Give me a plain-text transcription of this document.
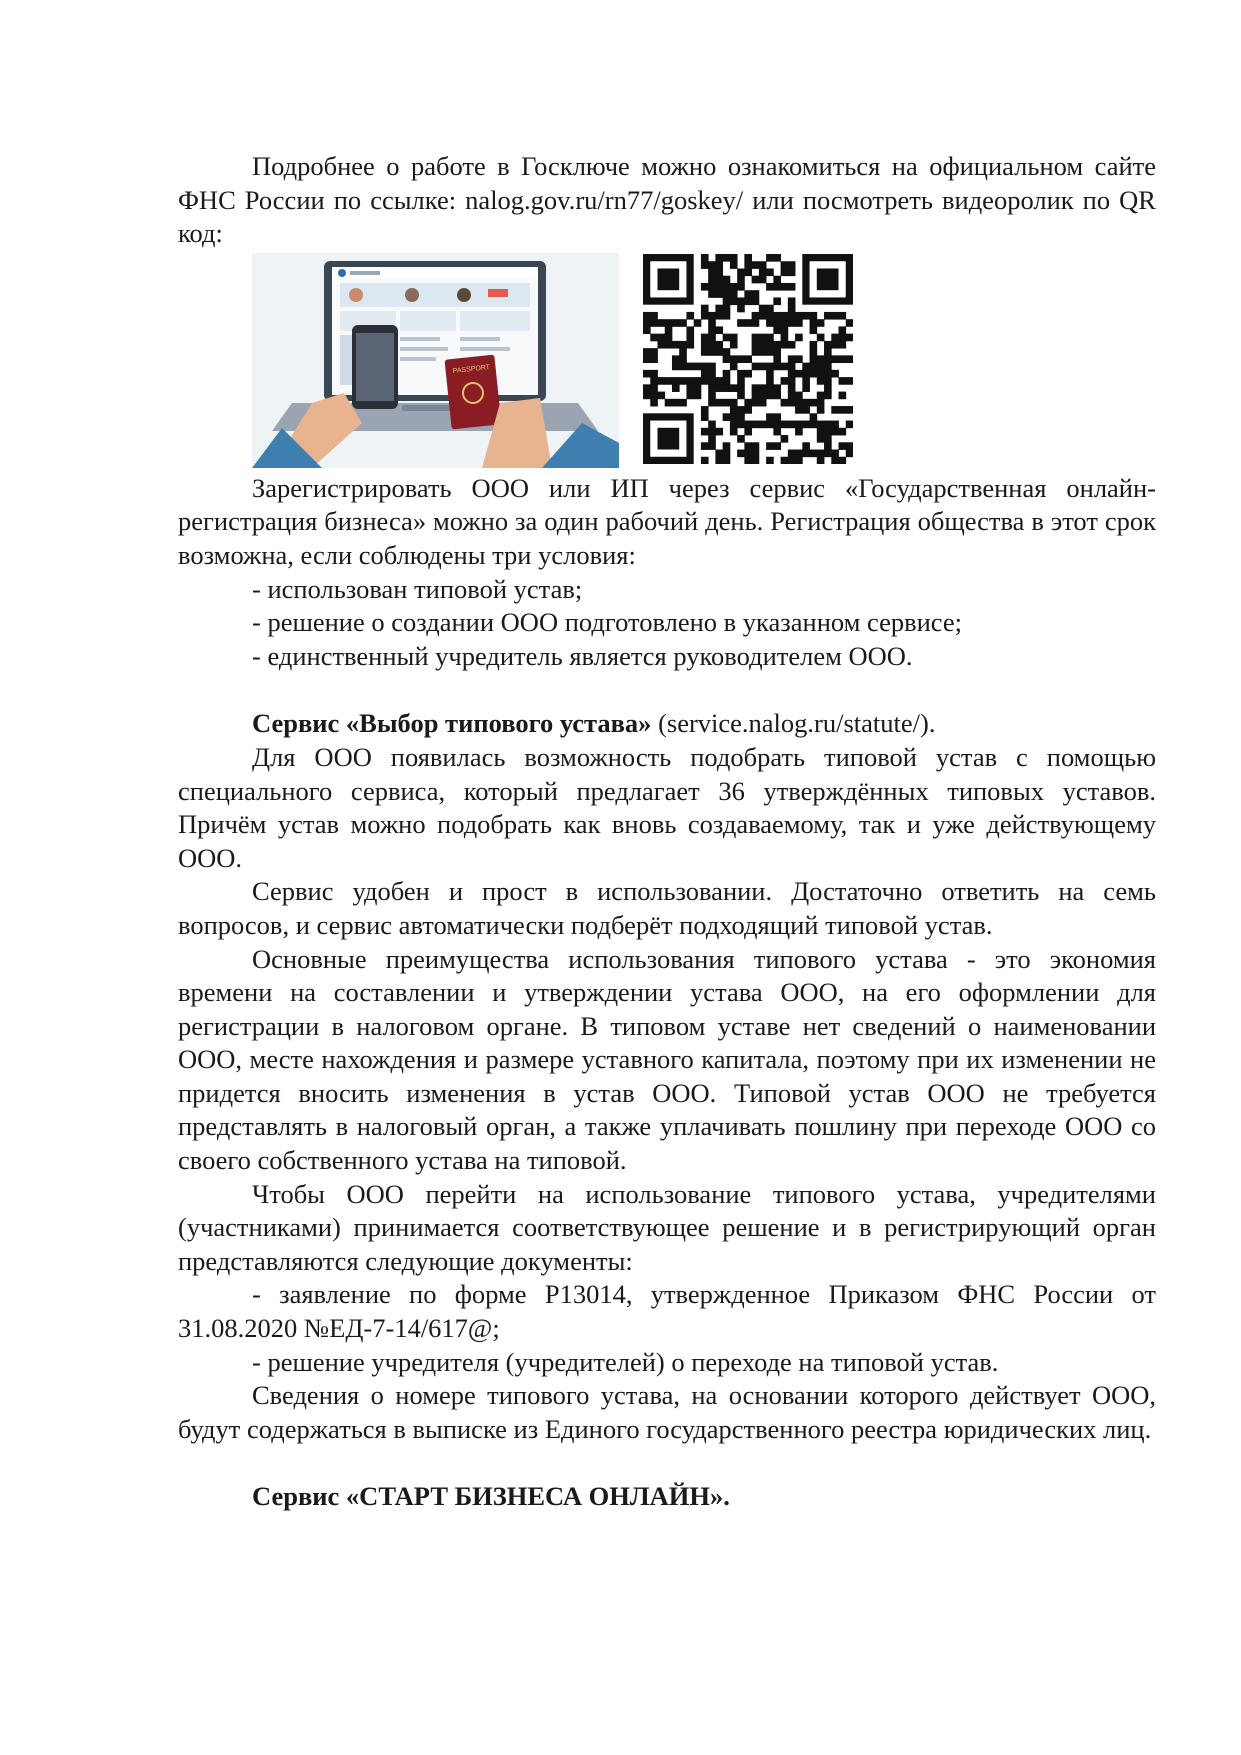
Подробнее о работе в Госключе можно ознакомиться на официальном сайте ФНС России по ссылке: nalog.gov.ru/rn77/goskey/ или посмотреть видеоролик по QR код:

PASSPORT

Зарегистрировать ООО или ИП через сервис «Государственная онлайн-регистрация бизнеса» можно за один рабочий день. Регистрация общества в этот срок возможна, если соблюдены три условия:

- использован типовой устав;

- решение о создании ООО подготовлено в указанном сервисе;

- единственный учредитель является руководителем ООО.

Сервис «Выбор типового устава» (service.nalog.ru/statute/).

Для ООО появилась возможность подобрать типовой устав с помощью специального сервиса, который предлагает 36 утверждённых типовых уставов. Причём устав можно подобрать как вновь создаваемому, так и уже действующему ООО.

Сервис удобен и прост в использовании. Достаточно ответить на семь вопросов, и сервис автоматически подберёт подходящий типовой устав.

Основные преимущества использования типового устава - это экономия времени на составлении и утверждении устава ООО, на его оформлении для регистрации в налоговом органе. В типовом уставе нет сведений о наименовании ООО, месте нахождения и размере уставного капитала, поэтому при их изменении не придется вносить изменения в устав ООО. Типовой устав ООО не требуется представлять в налоговый орган, а также уплачивать пошлину при переходе ООО со своего собственного устава на типовой.

Чтобы ООО перейти на использование типового устава, учредителями (участниками) принимается соответствующее решение и в регистрирующий орган представляются следующие документы:

- заявление по форме Р13014, утвержденное Приказом ФНС России от 31.08.2020 №ЕД-7-14/617@;

- решение учредителя (учредителей) о переходе на типовой устав.

Сведения о номере типового устава, на основании которого действует ООО, будут содержаться в выписке из Единого государственного реестра юридических лиц.

Сервис «СТАРТ БИЗНЕСА ОНЛАЙН».
